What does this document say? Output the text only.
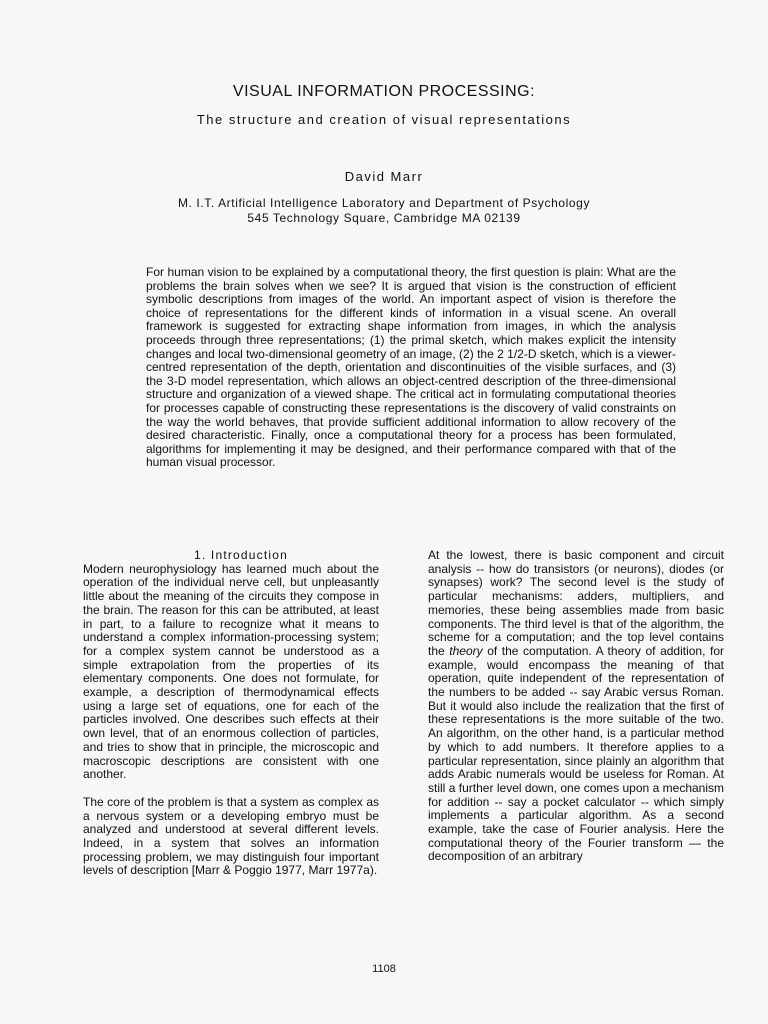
VISUAL INFORMATION PROCESSING:
The structure and creation of visual representations
David Marr
M. I.T. Artificial Intelligence Laboratory and Department of Psychology
545 Technology Square, Cambridge MA 02139
For human vision to be explained by a computational theory, the first question is plain: What are the problems the brain solves when we see? It is argued that vision is the construction of efficient symbolic descriptions from images of the world. An important aspect of vision is therefore the choice of representations for the different kinds of information in a visual scene. An overall framework is suggested for extracting shape information from images, in which the analysis proceeds through three representations; (1) the primal sketch, which makes explicit the intensity changes and local two-dimensional geometry of an image, (2) the 2 1/2-D sketch, which is a viewer-centred representation of the depth, orientation and discontinuities of the visible surfaces, and (3) the 3-D model representation, which allows an object-centred description of the three-dimensional structure and organization of a viewed shape. The critical act in formulating computational theories for processes capable of constructing these representations is the discovery of valid constraints on the way the world behaves, that provide sufficient additional information to allow recovery of the desired characteristic. Finally, once a computational theory for a process has been formulated, algorithms for implementing it may be designed, and their performance compared with that of the human visual processor.
1. Introduction

Modern neurophysiology has learned much about the operation of the individual nerve cell, but unpleasantly little about the meaning of the circuits they compose in the brain. The reason for this can be attributed, at least in part, to a failure to recognize what it means to understand a complex information-processing system; for a complex system cannot be understood as a simple extrapolation from the properties of its elementary components. One does not formulate, for example, a description of thermodynamical effects using a large set of equations, one for each of the particles involved. One describes such effects at their own level, that of an enormous collection of particles, and tries to show that in principle, the microscopic and macroscopic descriptions are consistent with one another.

The core of the problem is that a system as complex as a nervous system or a developing embryo must be analyzed and understood at several different levels. Indeed, in a system that solves an information processing problem, we may distinguish four important levels of description [Marr & Poggio 1977, Marr 1977a).

At the lowest, there is basic component and circuit analysis -- how do transistors (or neurons), diodes (or synapses) work? The second level is the study of particular mechanisms: adders, multipliers, and memories, these being assemblies made from basic components. The third level is that of the algorithm, the scheme for a computation; and the top level contains the theory of the computation. A theory of addition, for example, would encompass the meaning of that operation, quite independent of the representation of the numbers to be added -- say Arabic versus Roman. But it would also include the realization that the first of these representations is the more suitable of the two. An algorithm, on the other hand, is a particular method by which to add numbers. It therefore applies to a particular representation, since plainly an algorithm that adds Arabic numerals would be useless for Roman. At still a further level down, one comes upon a mechanism for addition -- say a pocket calculator -- which simply implements a particular algorithm. As a second example, take the case of Fourier analysis. Here the computational theory of the Fourier transform — the decomposition of an arbitrary

1108
